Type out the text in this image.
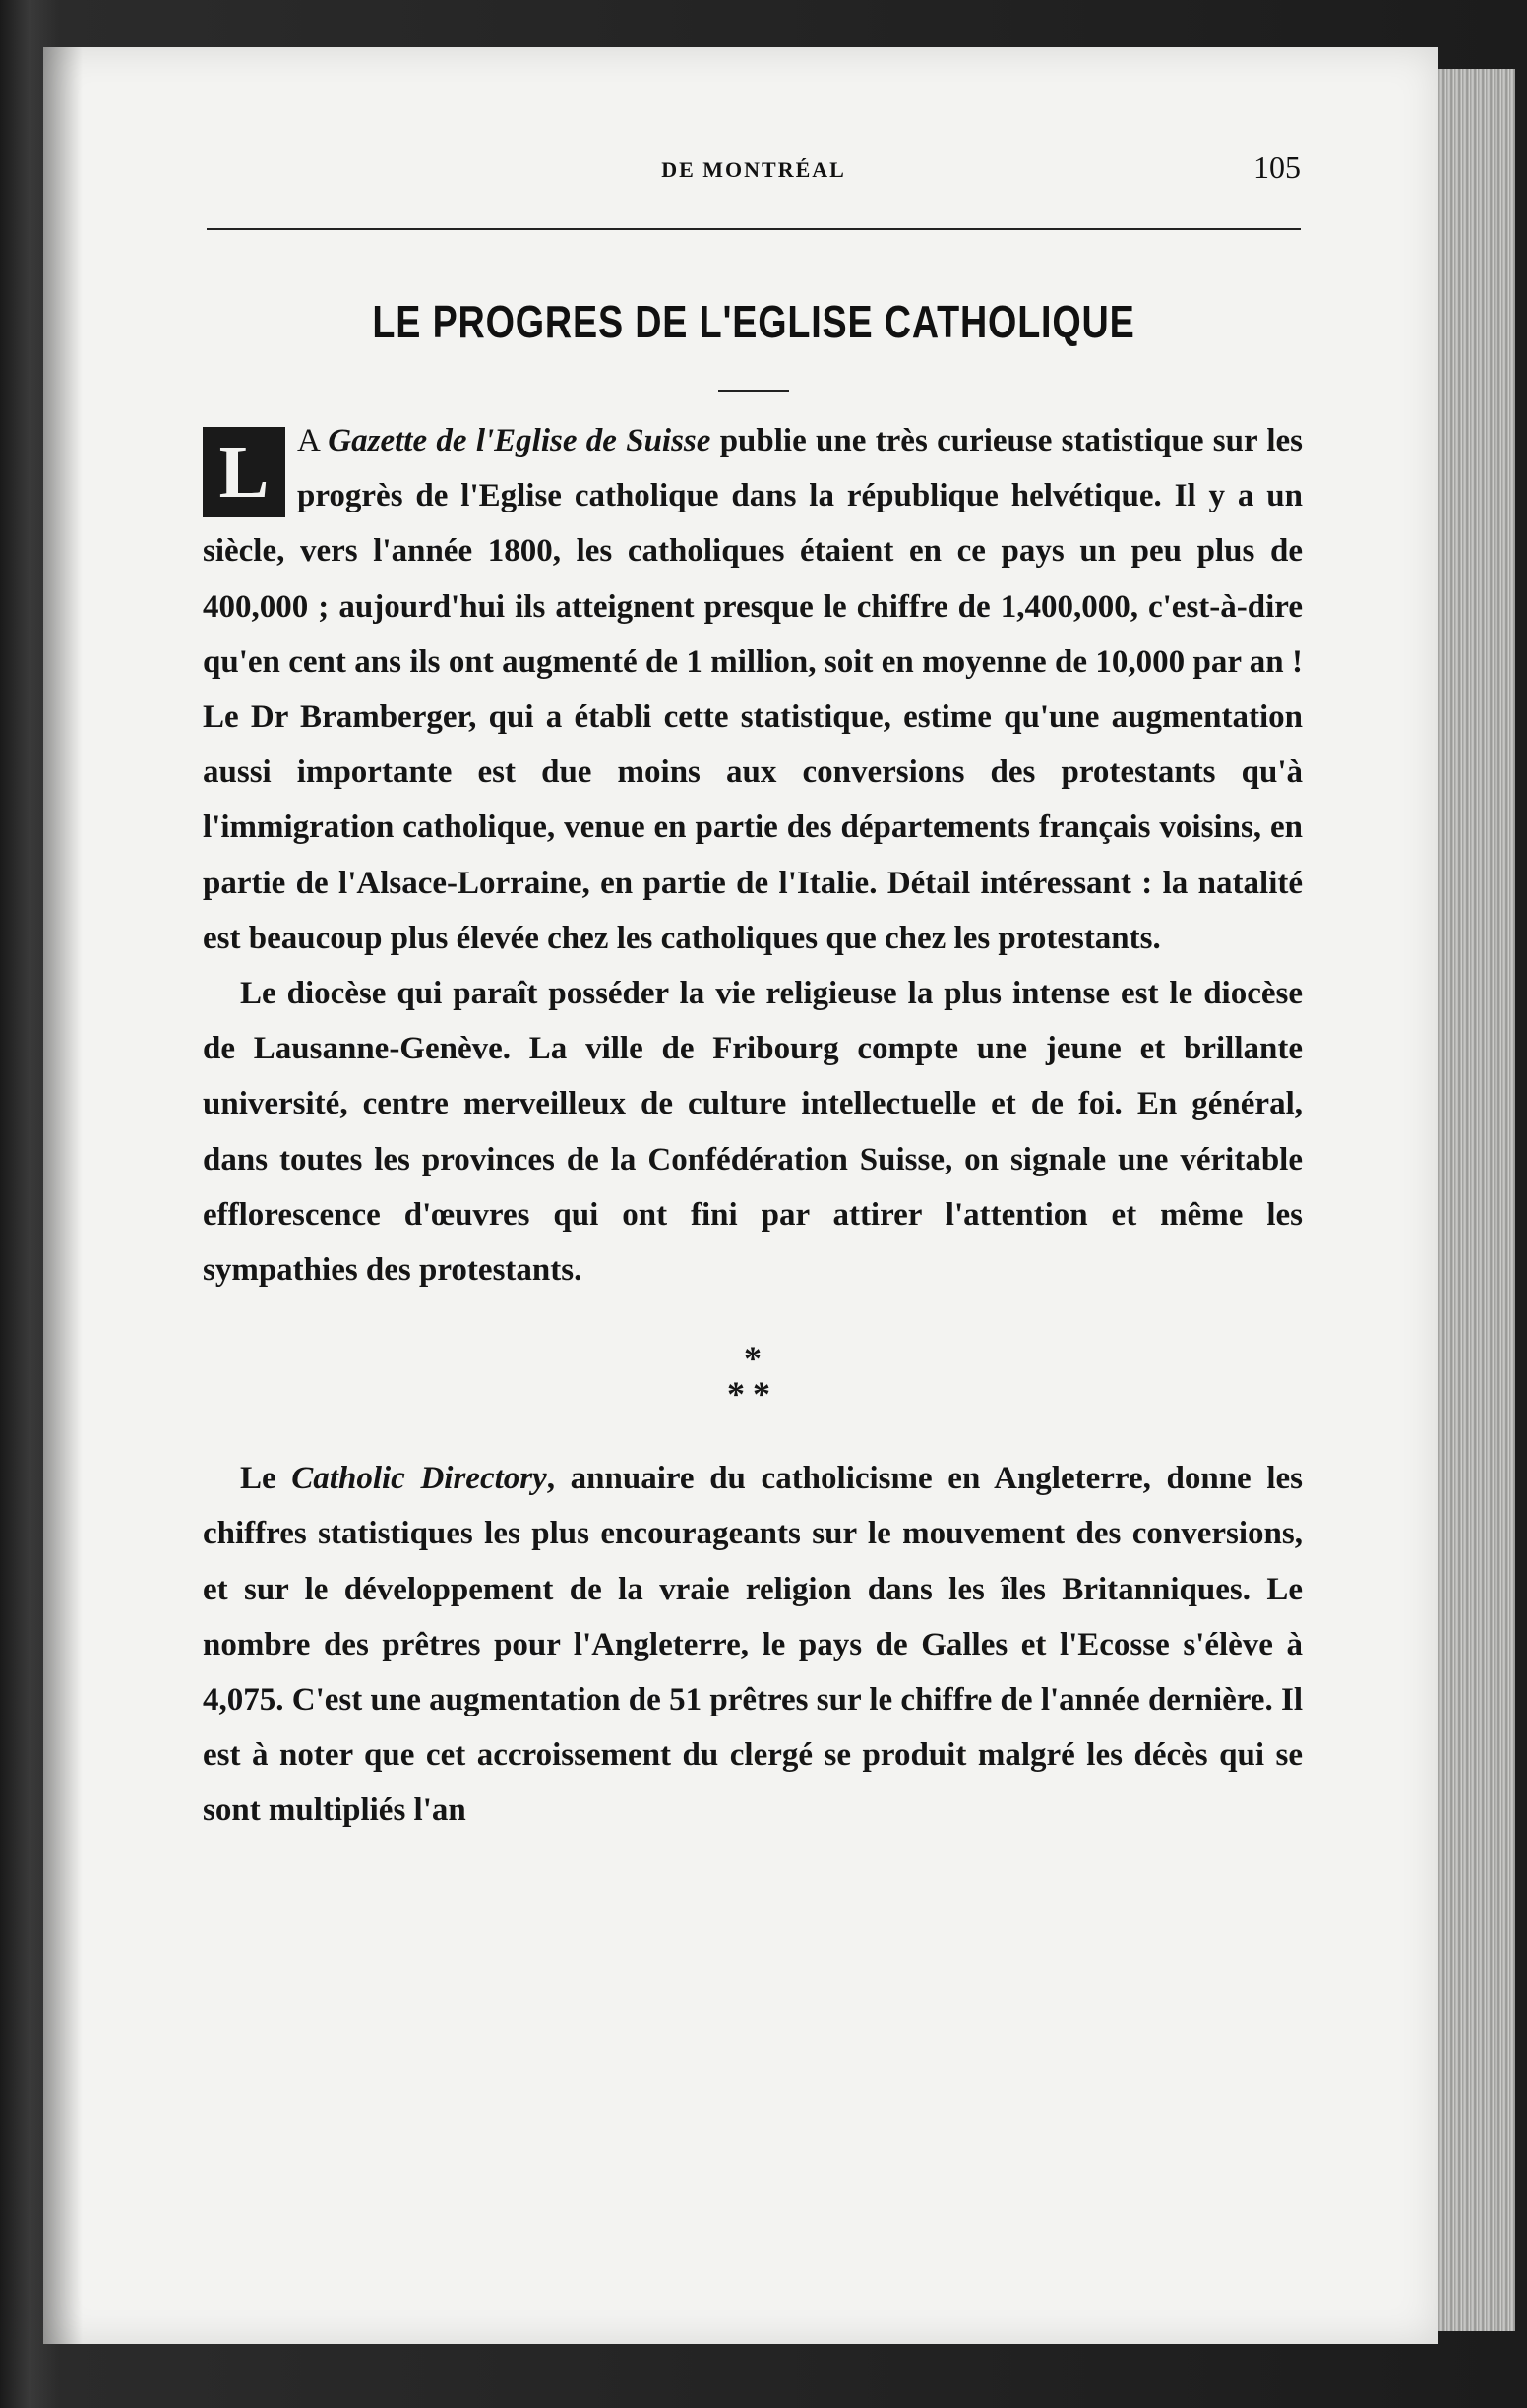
DE MONTRÉAL	105
LE PROGRES DE L'EGLISE CATHOLIQUE

L A Gazette de l'Eglise de Suisse publie une très curieuse statistique sur les progrès de l'Eglise catholique dans la république helvétique. Il y a un siècle, vers l'année 1800, les catholiques étaient en ce pays un peu plus de 400,000 ; aujourd'hui ils atteignent presque le chiffre de 1,400,000, c'est-à-dire qu'en cent ans ils ont augmenté de 1 million, soit en moyenne de 10,000 par an ! Le Dr Bramberger, qui a établi cette statistique, estime qu'une augmentation aussi importante est due moins aux conversions des protestants qu'à l'immigration catholique, venue en partie des départements français voisins, en partie de l'Alsace-Lorraine, en partie de l'Italie. Détail intéressant : la natalité est beaucoup plus élevée chez les catholiques que chez les protestants.

Le diocèse qui paraît posséder la vie religieuse la plus intense est le diocèse de Lausanne-Genève. La ville de Fribourg compte une jeune et brillante université, centre merveilleux de culture intellectuelle et de foi. En général, dans toutes les provinces de la Confédération Suisse, on signale une véritable efflorescence d'œuvres qui ont fini par attirer l'attention et même les sympathies des protestants.

*
**

Le Catholic Directory, annuaire du catholicisme en Angleterre, donne les chiffres statistiques les plus encourageants sur le mouvement des conversions, et sur le développement de la vraie religion dans les îles Britanniques. Le nombre des prêtres pour l'Angleterre, le pays de Galles et l'Ecosse s'élève à 4,075. C'est une augmentation de 51 prêtres sur le chiffre de l'année dernière. Il est à noter que cet accroissement du clergé se produit malgré les décès qui se sont multipliés l'an
